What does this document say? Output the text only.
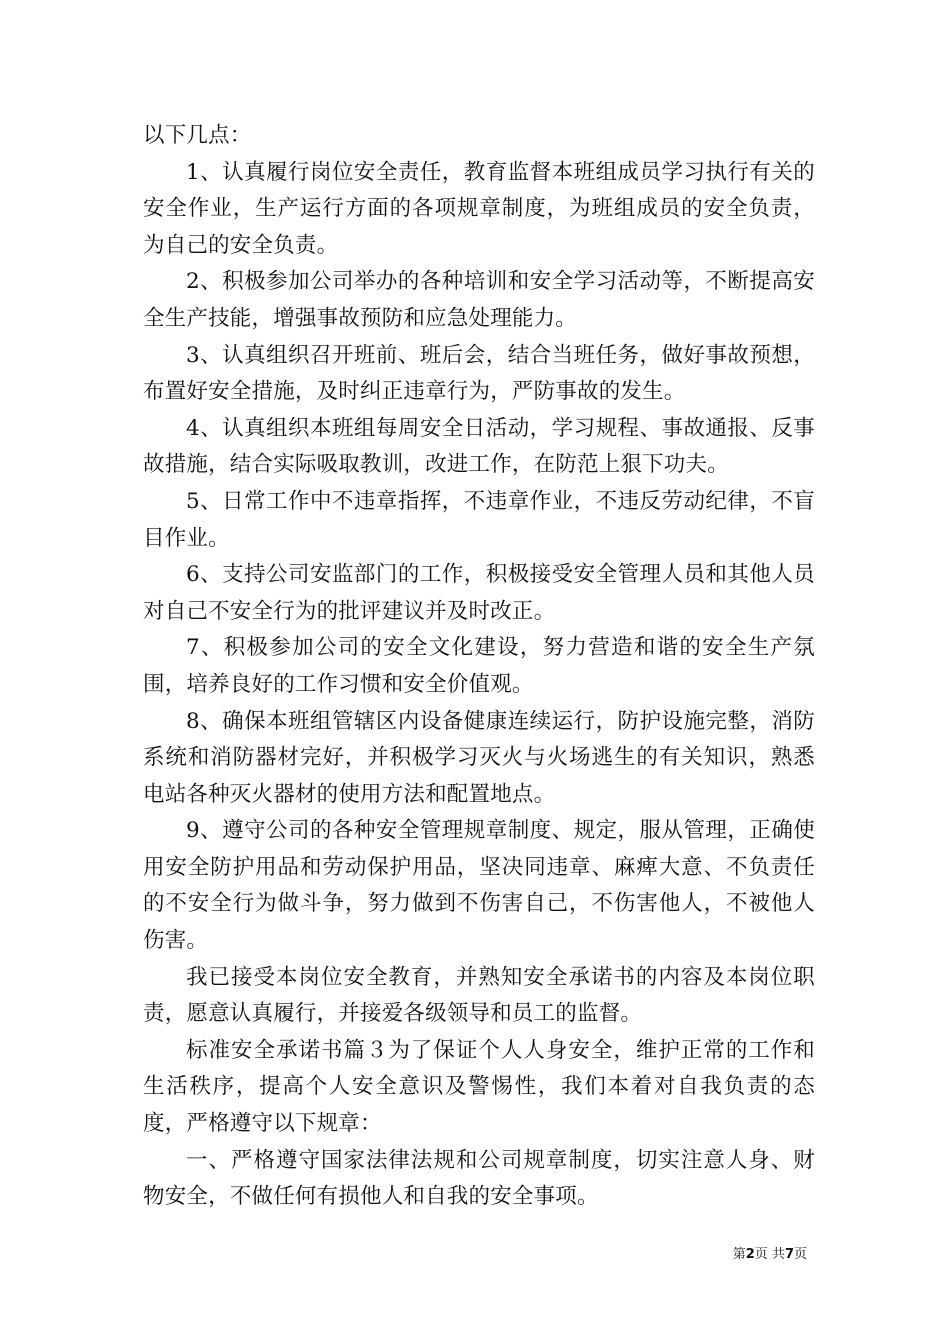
以下几点：

1、认真履行岗位安全责任，教育监督本班组成员学习执行有关的安全作业，生产运行方面的各项规章制度，为班组成员的安全负责，为自己的安全负责。

2、积极参加公司举办的各种培训和安全学习活动等，不断提高安全生产技能，增强事故预防和应急处理能力。

3、认真组织召开班前、班后会，结合当班任务，做好事故预想，布置好安全措施，及时纠正违章行为，严防事故的发生。

4、认真组织本班组每周安全日活动，学习规程、事故通报、反事故措施，结合实际吸取教训，改进工作，在防范上狠下功夫。

5、日常工作中不违章指挥，不违章作业，不违反劳动纪律，不盲目作业。

6、支持公司安监部门的工作，积极接受安全管理人员和其他人员对自己不安全行为的批评建议并及时改正。

7、积极参加公司的安全文化建设，努力营造和谐的安全生产氛围，培养良好的工作习惯和安全价值观。

8、确保本班组管辖区内设备健康连续运行，防护设施完整，消防系统和消防器材完好，并积极学习灭火与火场逃生的有关知识，熟悉电站各种灭火器材的使用方法和配置地点。

9、遵守公司的各种安全管理规章制度、规定，服从管理，正确使用安全防护用品和劳动保护用品，坚决同违章、麻痺大意、不负责任的不安全行为做斗争，努力做到不伤害自己，不伤害他人，不被他人伤害。

我已接受本岗位安全教育，并熟知安全承诺书的内容及本岗位职责，愿意认真履行，并接爱各级领导和员工的监督。

标准安全承诺书篇３为了保证个人人身安全，维护正常的工作和生活秩序，提高个人安全意识及警惕性，我们本着对自我负责的态度，严格遵守以下规章：

一、严格遵守国家法律法规和公司规章制度，切实注意人身、财物安全，不做任何有损他人和自我的安全事项。

第2页 共7页
